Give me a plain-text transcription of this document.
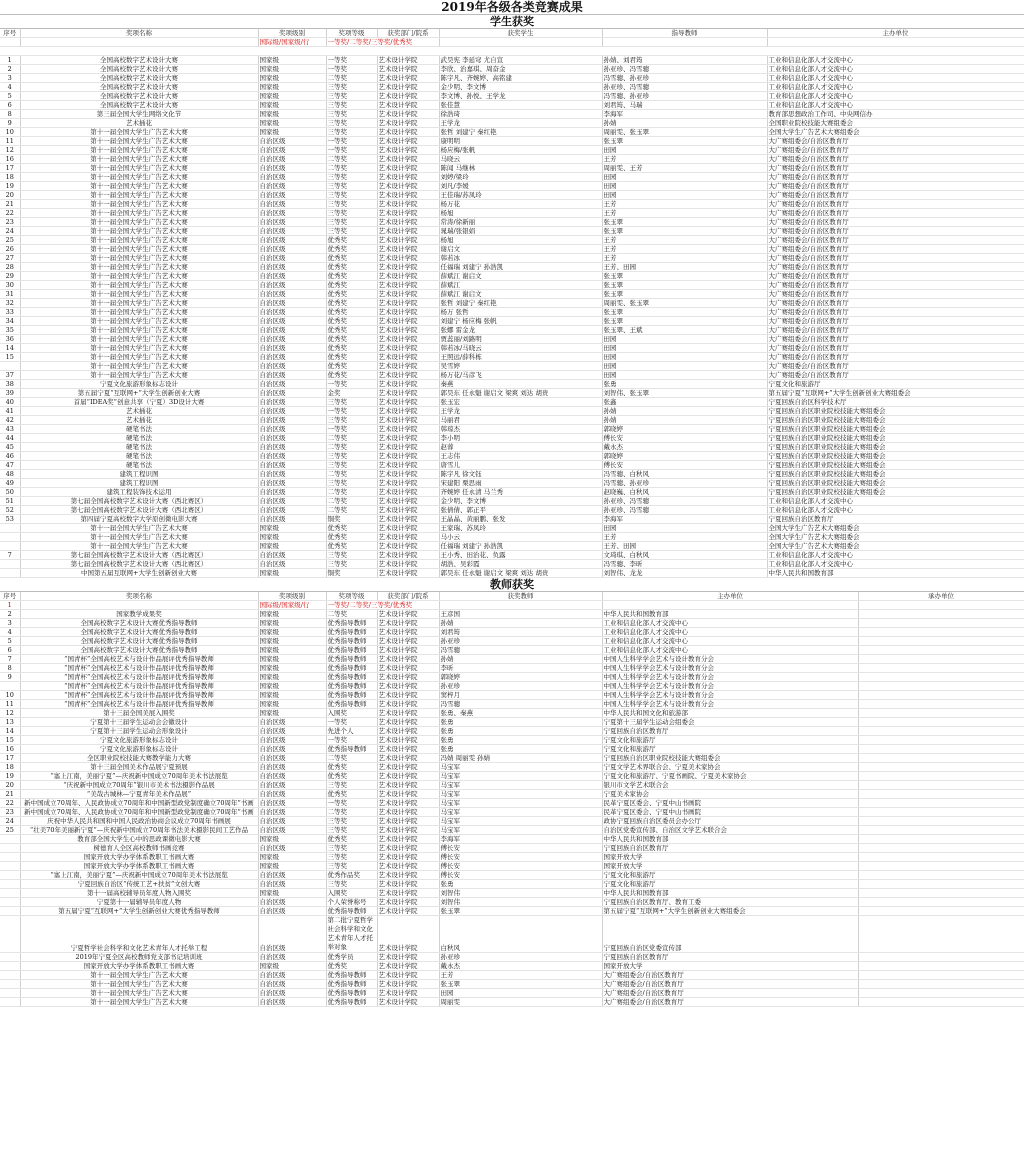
2019年各级各类竞赛成果
学生获奖
序号	奖项名称	奖项级别	奖项等级	获奖部门/院系	获奖学生	指导教师	主办单位
		国际级/国家级/行	一等奖/二等奖/三等奖/优秀奖				

1	全国高校数字艺术设计大赛	国家级	一等奖	艺术设计学院	武昊宪 李延穹 尤自宣	孙婧、刘君筠	工业和信息化部人才交流中心
2	全国高校数字艺术设计大赛	国家级	一等奖	艺术设计学院	李欣、治嘉琪、周奋金	孙亚珍、冯雪骢	工业和信息化部人才交流中心
3	全国高校数字艺术设计大赛	国家级	二等奖	艺术设计学院	陈宇凡、齐婉婷、高铭建	冯雪骢、孙亚珍	工业和信息化部人才交流中心
4	全国高校数字艺术设计大赛	国家级	三等奖	艺术设计学院	金少明、李文博	孙亚珍、冯雪骢	工业和信息化部人才交流中心
5	全国高校数字艺术设计大赛	国家级	三等奖	艺术设计学院	李文博、孙悦、王学龙	冯雪骢、孙亚珍	工业和信息化部人才交流中心
6	全国高校数字艺术设计大赛	国家级	三等奖	艺术设计学院	张佳慧	刘君筠、马瑞	工业和信息化部人才交流中心
8	第三届全国大学生网络文化节	国家级	三等奖	艺术设计学院	徐浩琦	李海军	教育部思想政治工作司、中央网信办
9	艺术插花	国家级	三等奖	艺术设计学院	王学龙	孙婧	全国职业院校技能大赛组委会
10	第十一届全国大学生广告艺术大赛	国家级	三等奖	艺术设计学院	张哲 刘建宁 秦红艳	周丽雯、张玉翠	全国大学生广告艺术大赛组委会
11	第十一届全国大学生广告艺术大赛	自治区级	一等奖	艺术设计学院	康明明	张玉翠	大广赛组委会/自治区教育厅
12	第十一届全国大学生广告艺术大赛	自治区级	一等奖	艺术设计学院	杨应梅/张帆	田园	大广赛组委会/自治区教育厅
16	第十一届全国大学生广告艺术大赛	自治区级	二等奖	艺术设计学院	马晓云	王芳	大广赛组委会/自治区教育厅
17	第十一届全国大学生广告艺术大赛	自治区级	二等奖	艺术设计学院	陈闻 马继林	周丽雯、王芳	大广赛组委会/自治区教育厅
18	第十一届全国大学生广告艺术大赛	自治区级	三等奖	艺术设计学院	刘婷/梁玲	田园	大广赛组委会/自治区教育厅
19	第十一届全国大学生广告艺术大赛	自治区级	三等奖	艺术设计学院	刘凡/李媛	田园	大广赛组委会/自治区教育厅
20	第十一届全国大学生广告艺术大赛	自治区级	三等奖	艺术设计学院	王佳瑞/苏凤玲	田园	大广赛组委会/自治区教育厅
21	第十一届全国大学生广告艺术大赛	自治区级	三等奖	艺术设计学院	杨万花	王芳	大广赛组委会/自治区教育厅
22	第十一届全国大学生广告艺术大赛	自治区级	三等奖	艺术设计学院	杨旭	王芳	大广赛组委会/自治区教育厅
23	第十一届全国大学生广告艺术大赛	自治区级	三等奖	艺术设计学院	常涛/徐新丽	张玉翠	大广赛组委会/自治区教育厅
24	第十一届全国大学生广告艺术大赛	自治区级	三等奖	艺术设计学院	晁瑞/张银娟	张玉翠	大广赛组委会/自治区教育厅
25	第十一届全国大学生广告艺术大赛	自治区级	优秀奖	艺术设计学院	杨旭	王芳	大广赛组委会/自治区教育厅
26	第十一届全国大学生广告艺术大赛	自治区级	优秀奖	艺术设计学院	谢启文	王芳	大广赛组委会/自治区教育厅
27	第十一届全国大学生广告艺术大赛	自治区级	优秀奖	艺术设计学院	韩若冰	王芳	大广赛组委会/自治区教育厅
28	第十一届全国大学生广告艺术大赛	自治区级	优秀奖	艺术设计学院	任福瑞 刘建宁 孙浩凯	王芳、田园	大广赛组委会/自治区教育厅
29	第十一届全国大学生广告艺术大赛	自治区级	优秀奖	艺术设计学院	薛斌江 谢启文	张玉翠	大广赛组委会/自治区教育厅
30	第十一届全国大学生广告艺术大赛	自治区级	优秀奖	艺术设计学院	薛斌江	张玉翠	大广赛组委会/自治区教育厅
31	第十一届全国大学生广告艺术大赛	自治区级	优秀奖	艺术设计学院	薛斌江 谢启文	张玉翠	大广赛组委会/自治区教育厅
32	第十一届全国大学生广告艺术大赛	自治区级	优秀奖	艺术设计学院	张哲 刘建宁 秦红艳	周丽雯、张玉翠	大广赛组委会/自治区教育厅
33	第十一届全国大学生广告艺术大赛	自治区级	优秀奖	艺术设计学院	杨万 张哲	张玉翠	大广赛组委会/自治区教育厅
34	第十一届全国大学生广告艺术大赛	自治区级	优秀奖	艺术设计学院	刘建宁 杨应梅 张帆	张玉翠	大广赛组委会/自治区教育厅
35	第十一届全国大学生广告艺术大赛	自治区级	优秀奖	艺术设计学院	张娜 雷金龙	张玉翠、王斌	大广赛组委会/自治区教育厅
36	第十一届全国大学生广告艺术大赛	自治区级	优秀奖	艺术设计学院	贾蕊丽/刘路明	田园	大广赛组委会/自治区教育厅
14	第十一届全国大学生广告艺术大赛	自治区级	优秀奖	艺术设计学院	韩若冰/马晓云	田园	大广赛组委会/自治区教育厅
15	第十一届全国大学生广告艺术大赛	自治区级	优秀奖	艺术设计学院	王照远/薛科栋	田园	大广赛组委会/自治区教育厅
	第十一届全国大学生广告艺术大赛	自治区级	优秀奖	艺术设计学院	吴雪婷	田园	大广赛组委会/自治区教育厅
37	第十一届全国大学生广告艺术大赛	自治区级	优秀奖	艺术设计学院	杨万花/马彦飞	田园	大广赛组委会/自治区教育厅
38	宁夏文化旅游形象标志设计	自治区级	一等奖	艺术设计学院	秦燕	张勇	宁夏文化和旅游厅
39	第五届宁夏“互联网+”大学生创新创业大赛	自治区级	金奖	艺术设计学院	郭昊东 任永魁 谢启文 梁爽 刘达 胡贵	刘智伟、张玉翠	第五届宁夏“互联网+”大学生创新创业大赛组委会
40	首届“IDEA奖”创意共享（宁夏）3D设计大赛	自治区级	三等奖	艺术设计学院	张玉宏	张鑫	宁夏回族自治区科学技术厅
41	艺术插花	自治区级	一等奖	艺术设计学院	王学龙	孙婧	宁夏回族自治区职业院校技能大赛组委会
42	艺术插花	自治区级	三等奖	艺术设计学院	马丽君	孙婧	宁夏回族自治区职业院校技能大赛组委会
43	硬笔书法	自治区级	一等奖	艺术设计学院	韩琼杰	郭晓婷	宁夏回族自治区职业院校技能大赛组委会
44	硬笔书法	自治区级	二等奖	艺术设计学院	李小明	傅长安	宁夏回族自治区职业院校技能大赛组委会
45	硬笔书法	自治区级	二等奖	艺术设计学院	赵蓉	戴永杰	宁夏回族自治区职业院校技能大赛组委会
46	硬笔书法	自治区级	三等奖	艺术设计学院	王志伟	郭晓婷	宁夏回族自治区职业院校技能大赛组委会
47	硬笔书法	自治区级	三等奖	艺术设计学院	唐雪儿	傅长安	宁夏回族自治区职业院校技能大赛组委会
48	建筑工程识图	自治区级	二等奖	艺术设计学院	陈宇凡 徐文钰	冯雪骢、白秋风	宁夏回族自治区职业院校技能大赛组委会
49	建筑工程识图	自治区级	三等奖	艺术设计学院	宋建阳 栗思雨	冯雪骢、孙亚珍	宁夏回族自治区职业院校技能大赛组委会
50	建筑工程装饰技术运用	自治区级	二等奖	艺术设计学院	齐婉婷 任永清 马兰秀	赵晓巍、白秋风	宁夏回族自治区职业院校技能大赛组委会
51	第七届全国高校数字艺术设计大赛（西北赛区）	自治区级	二等奖	艺术设计学院	金少明、李文博	孙亚珍、冯雪骢	工业和信息化部人才交流中心
52	第七届全国高校数字艺术设计大赛（西北赛区）	自治区级	二等奖	艺术设计学院	张倩倩、郭正平	孙亚珍、冯雪骢	工业和信息化部人才交流中心
53	第四届宁夏高校数字大学原创微电影大赛	自治区级	铜奖	艺术设计学院	王晶晶、黄丽鹏、张发	李海军	宁夏回族自治区教育厅
	第十一届全国大学生广告艺术大赛	国家级	优秀奖	艺术设计学院	王家瑞、苏凤玲	田园	全国大学生广告艺术大赛组委会
	第十一届全国大学生广告艺术大赛	国家级	优秀奖	艺术设计学院	马小云	王芳	全国大学生广告艺术大赛组委会
	第十一届全国大学生广告艺术大赛	国家级	优秀奖	艺术设计学院	任福瑞 刘建宁 孙浩凯	王芳、田园	全国大学生广告艺术大赛组委会
7	第七届全国高校数字艺术设计大赛（西北赛区）	自治区级	三等奖	艺术设计学院	王小秀、田治花、负露	文琦琪、白秋风	工业和信息化部人才交流中心
	第七届全国高校数字艺术设计大赛（西北赛区）	自治区级	三等奖	艺术设计学院	胡浩、吴彩霞	冯雪骢、李昕	工业和信息化部人才交流中心
	中国第五届互联网+大学生创新创业大赛	国家级	铜奖	艺术设计学院	郭昊东 任永魁 谢启文 梁爽 刘达 胡贵	刘智伟、龙龙	中华人民共和国教育部
教师获奖
序号	奖项名称	奖项级别	奖项等级	获奖部门/院系	获奖教师	主办单位	承办单位
1		国际级/国家级/行	一等奖/二等奖/三等奖/优秀奖				
2	国家教学成果奖	国家级	二等奖	艺术设计学院	王彦国	中华人民共和国教育部	
3	全国高校数字艺术设计大赛优秀指导教师	国家级	优秀指导教师	艺术设计学院	孙婧	工业和信息化部人才交流中心	
4	全国高校数字艺术设计大赛优秀指导教师	国家级	优秀指导教师	艺术设计学院	刘君筠	工业和信息化部人才交流中心	
5	全国高校数字艺术设计大赛优秀指导教师	国家级	优秀指导教师	艺术设计学院	孙亚珍	工业和信息化部人才交流中心	
6	全国高校数字艺术设计大赛优秀指导教师	国家级	优秀指导教师	艺术设计学院	冯雪骢	工业和信息化部人才交流中心	
7	“国青杯”全国高校艺术与设计作品展评优秀指导教师	国家级	优秀指导教师	艺术设计学院	孙婧	中国人生科学学会艺术与设计教育分会	
8	“国青杯”全国高校艺术与设计作品展评优秀指导教师	国家级	优秀指导教师	艺术设计学院	李昕	中国人生科学学会艺术与设计教育分会	
9	“国青杯”全国高校艺术与设计作品展评优秀指导教师	国家级	优秀指导教师	艺术设计学院	郭晓婷	中国人生科学学会艺术与设计教育分会	
	“国青杯”全国高校艺术与设计作品展评优秀指导教师	国家级	优秀指导教师	艺术设计学院	孙亚珍	中国人生科学学会艺术与设计教育分会	
10	“国青杯”全国高校艺术与设计作品展评优秀指导教师	国家级	优秀指导教师	艺术设计学院	窦梓月	中国人生科学学会艺术与设计教育分会	
11	“国青杯”全国高校艺术与设计作品展评优秀指导教师	国家级	优秀指导教师	艺术设计学院	冯雪骢	中国人生科学学会艺术与设计教育分会	
12	第十三届全国美展入围奖	国家级	入围奖	艺术设计学院	张勇、秦燕	中华人民共和国文化和旅游部	
13	宁夏第十三届学生运动会会徽设计	自治区级	一等奖	艺术设计学院	张勇	宁夏第十三届学生运动会组委会	
14	宁夏第十三届学生运动会形象设计	自治区级	先进个人	艺术设计学院	张勇	宁夏回族自治区教育厅	
15	宁夏文化旅游形象标志设计	自治区级	一等奖	艺术设计学院	张勇	宁夏文化和旅游厅	
16	宁夏文化旅游形象标志设计	自治区级	优秀指导教师	艺术设计学院	张勇	宁夏文化和旅游厅	
17	全区职业院校技能大赛教学能力大赛	自治区级	二等奖	艺术设计学院	冯婧 周丽雯 孙婧	宁夏回族自治区职业院校技能大赛组委会	
18	第十三届全国美术作品展宁夏预展	自治区级	优秀奖	艺术设计学院	马宝军	宁夏文学艺术界联合会、宁夏美术家协会	
19	“塞上江南，美丽宁夏”—庆祝新中国成立70周年美术书法展览	自治区级	优秀奖	艺术设计学院	马宝军	宁夏文化和旅游厅、宁夏书画院、宁夏美术家协会	
20	“庆祝新中国成立70周年”银川市美术书法摄影作品展	自治区级	三等奖	艺术设计学院	马宝军	银川市文学艺术联合会	
21	“美哉古城林—宁夏青年美术作品展”	自治区级	优秀奖	艺术设计学院	马宝军	宁夏美术家协会	
22	新中国成立70周年、人民政协成立70周年和中国新型政党制度确立70周年”书画	自治区级	一等奖	艺术设计学院	马宝军	民革宁夏区委会、宁夏中山书画院	
23	新中国成立70周年、人民政协成立70周年和中国新型政党制度确立70周年”书画	自治区级	二等奖	艺术设计学院	马宝军	民革宁夏区委会、宁夏中山书画院	
24	庆祝中华人民共和国和中国人民政治协商会议成立70周年书画展	自治区级	三等奖	艺术设计学院	马宝军	政协宁夏回族自治区委员会办公厅	
25	“壮美70年美丽新宁夏”—庆祝新中国成立70周年书法美术摄影民间工艺作品	自治区级	三等奖	艺术设计学院	马宝军	自治区党委宣传部、自治区文学艺术联合会	
	教育部全国大学生心中的思政课微电影大赛	国家级	优秀奖	艺术设计学院	李海军	中华人民共和国教育部	
	树德育人全区高校教师书画竞赛	自治区级	三等奖	艺术设计学院	傅长安	宁夏回族自治区教育厅	
	国家开放大学办学体系教职工书画大赛	国家级	三等奖	艺术设计学院	傅长安	国家开放大学	
	国家开放大学办学体系教职工书画大赛	国家级	三等奖	艺术设计学院	傅长安	国家开放大学	
	“塞上江南，美丽宁夏”—庆祝新中国成立70周年美术书法展览	自治区级	优秀作品奖	艺术设计学院	傅长安	宁夏文化和旅游厅	
	宁夏回族自治区“传统工艺+扶贫”文创大赛	自治区级	三等奖	艺术设计学院	张勇	宁夏文化和旅游厅	
	第十一届高校辅导员年度人物入围奖	国家级	入围奖	艺术设计学院	刘智伟	中华人民共和国教育部	
	宁夏第十一届辅导员年度人物	自治区级	个人荣誉称号	艺术设计学院	刘智伟	宁夏回族自治区教育厅、教育工委	
	第五届宁夏“互联网+”大学生创新创业大赛优秀指导教师	自治区级	优秀指导教师	艺术设计学院	张玉翠	第五届宁夏“互联网+”大学生创新创业大赛组委会	
	宁夏哲学社会科学和文化艺术青年人才托举工程	自治区级	第二批宁夏哲学社会科学和文化艺术青年人才托举对象	艺术设计学院	白秋风	宁夏回族自治区党委宣传部	
	2019年宁夏全区高校教师党支部书记培训班	自治区级	优秀学员	艺术设计学院	孙亚珍	宁夏回族自治区教育厅	
	国家开放大学办学体系教职工书画大赛	国家级	优秀奖	艺术设计学院	戴永杰	国家开放大学	
	第十一届全国大学生广告艺术大赛	自治区级	优秀指导教师	艺术设计学院	王芳	大广赛组委会/自治区教育厅	
	第十一届全国大学生广告艺术大赛	自治区级	优秀指导教师	艺术设计学院	张玉翠	大广赛组委会/自治区教育厅	
	第十一届全国大学生广告艺术大赛	自治区级	优秀指导教师	艺术设计学院	田园	大广赛组委会/自治区教育厅	
	第十一届全国大学生广告艺术大赛	自治区级	优秀指导教师	艺术设计学院	周丽雯	大广赛组委会/自治区教育厅	
